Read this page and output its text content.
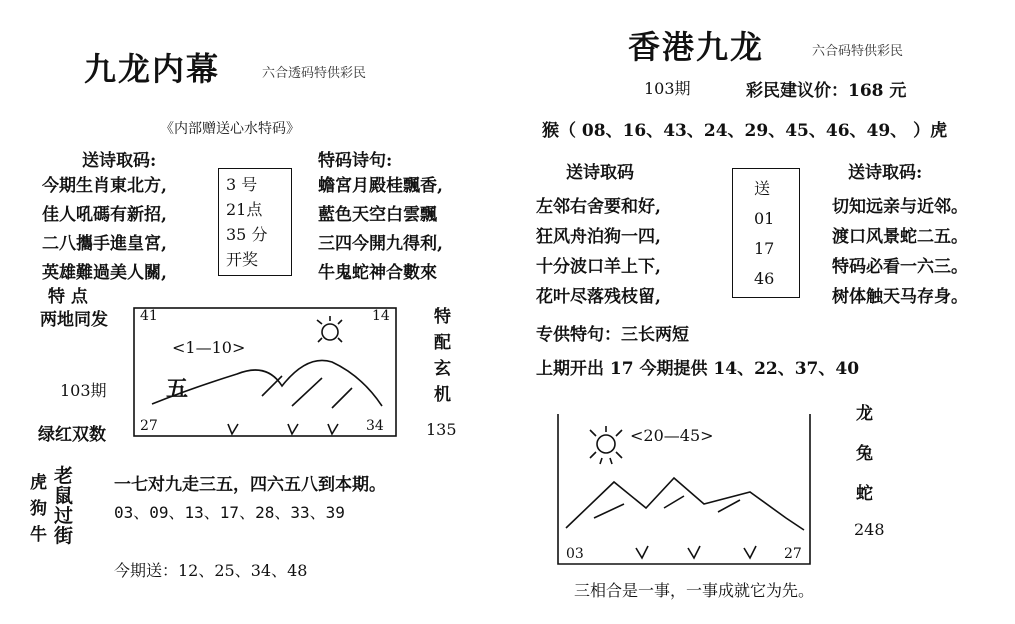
九龙内幕	六合透码特供彩民
《内部赠送心水特码》
送诗取码:
今期生肖東北方,
佳人吼碼有新招,
二八攜手進皇宮,
英雄難過美人關,
3 号
21点
35 分
开奖
特码诗句:
蟾宮月殿桂飄香,
藍色天空白雲飄
三四今開九得利,
牛鬼蛇神合數來
特 点
两地同发
103期
绿红双数
41	14
27	34
<1—10>
五
特
配
玄
机
135
虎
狗
牛
老
鼠
过
街
一七对九走三五，四六五八到本期。
03、09、13、17、28、33、39
今期送：12、25、34、48
香港九龙	六合码特供彩民
103期	彩民建议价：168 元
猴（ 08、16、43、24、29、45、46、49、 ）虎
送诗取码	送诗取码:
左邻右舍要和好,
狂风舟泊狗一四,
十分波口羊上下,
花叶尽落残枝留,
送
01
17
46
切知远亲与近邻。
渡口风景蛇二五。
特码必看一六三。
树体触天马存身。
专供特句：三长两短
上期开出 17 今期提供 14、22、37、40
<20—45>
03	27
龙
兔
蛇
248
三相合是一事，一事成就它为先。
